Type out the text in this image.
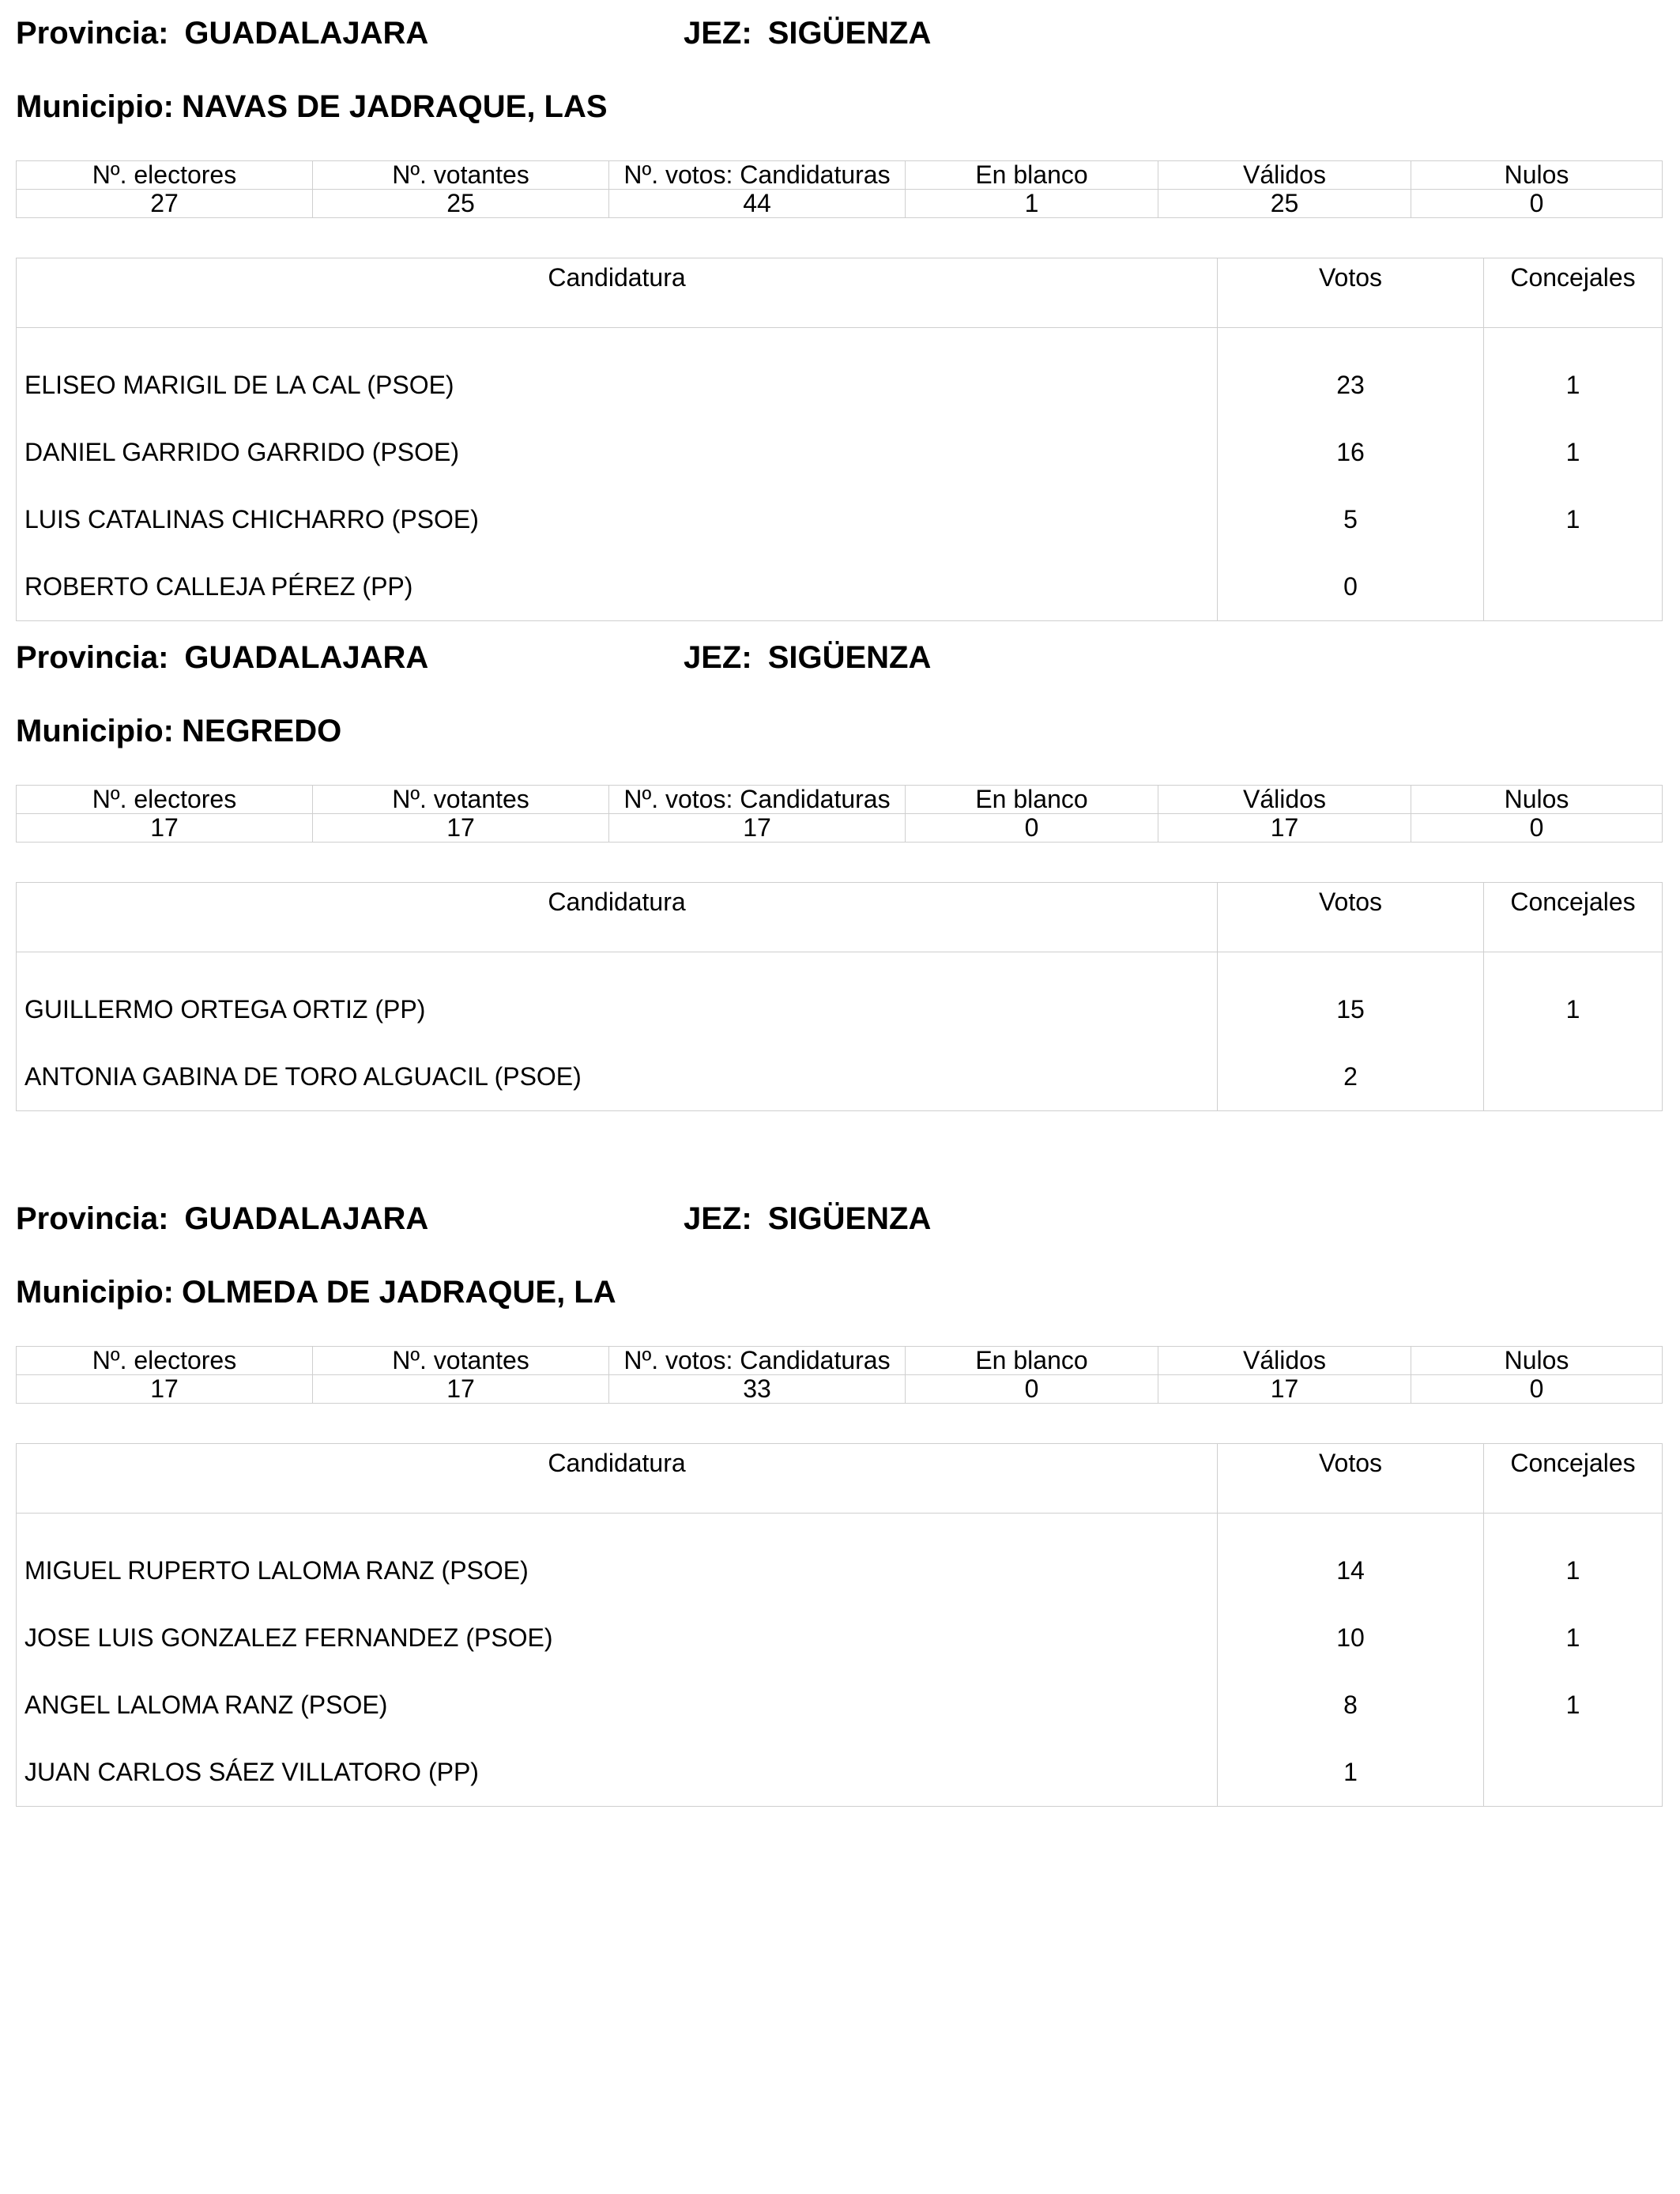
Provincia: GUADALAJARA	JEZ: SIGÜENZA
Municipio: NAVAS DE JADRAQUE, LAS
Nº. electores	Nº. votantes	Nº. votos: Candidaturas	En blanco	Válidos	Nulos
27	25	44	1	25	0
Candidatura	Votos	Concejales
ELISEO MARIGIL DE LA CAL (PSOE)	23	1
DANIEL GARRIDO GARRIDO (PSOE)	16	1
LUIS CATALINAS CHICHARRO (PSOE)	5	1
ROBERTO CALLEJA PÉREZ (PP)	0	
Provincia: GUADALAJARA	JEZ: SIGÜENZA
Municipio: NEGREDO
Nº. electores	Nº. votantes	Nº. votos: Candidaturas	En blanco	Válidos	Nulos
17	17	17	0	17	0
Candidatura	Votos	Concejales
GUILLERMO ORTEGA ORTIZ (PP)	15	1
ANTONIA GABINA DE TORO ALGUACIL (PSOE)	2	
Provincia: GUADALAJARA	JEZ: SIGÜENZA
Municipio: OLMEDA DE JADRAQUE, LA
Nº. electores	Nº. votantes	Nº. votos: Candidaturas	En blanco	Válidos	Nulos
17	17	33	0	17	0
Candidatura	Votos	Concejales
MIGUEL RUPERTO LALOMA RANZ (PSOE)	14	1
JOSE LUIS GONZALEZ FERNANDEZ (PSOE)	10	1
ANGEL LALOMA RANZ (PSOE)	8	1
JUAN CARLOS SÁEZ VILLATORO (PP)	1	
